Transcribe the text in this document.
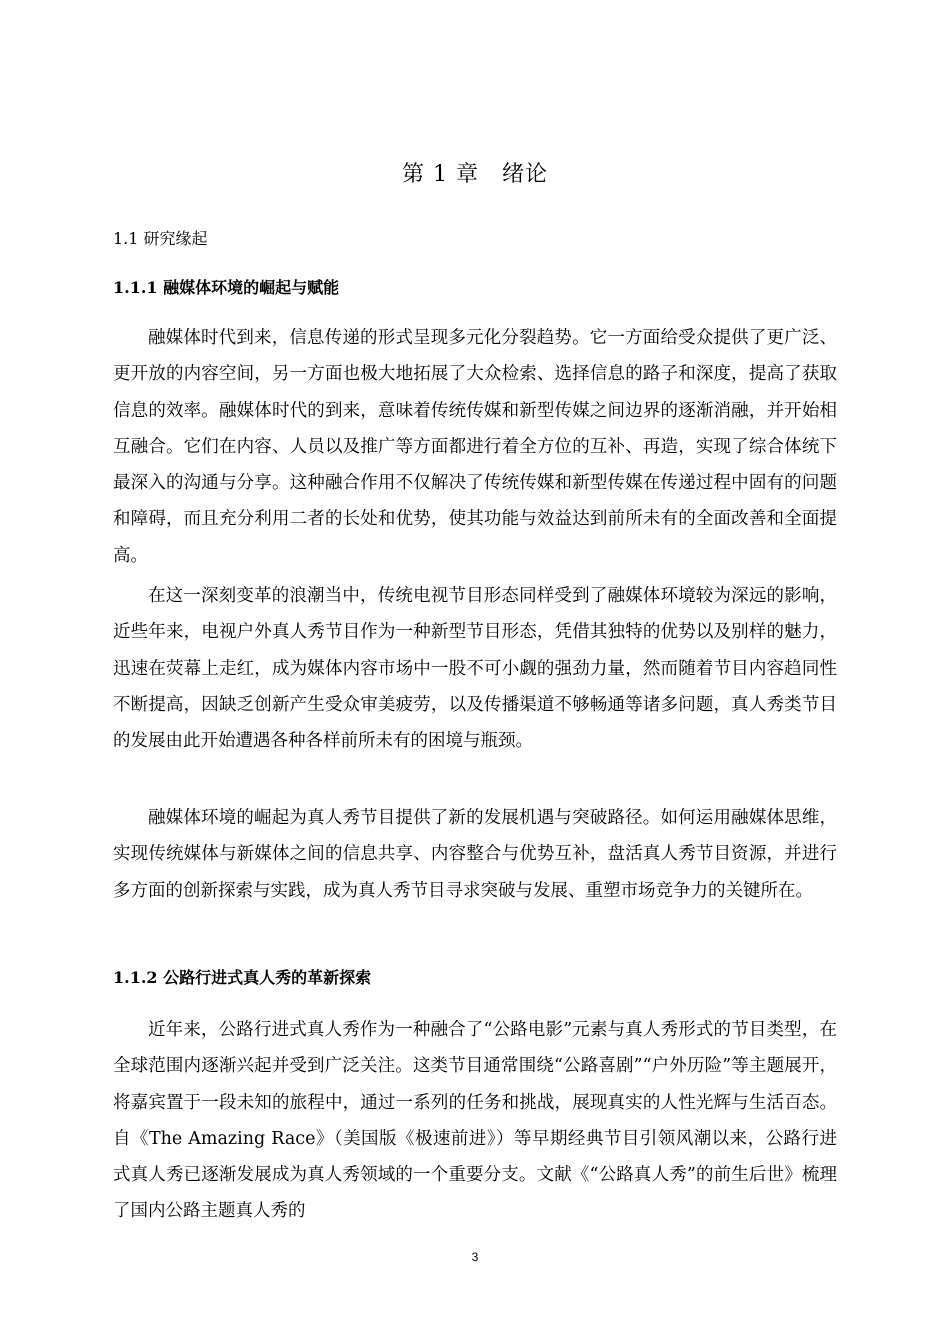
第 1 章　绪论
1.1 研究缘起
1.1.1 融媒体环境的崛起与赋能

融媒体时代到来，信息传递的形式呈现多元化分裂趋势。它一方面给受众提供了更广泛、更开放的内容空间，另一方面也极大地拓展了大众检索、选择信息的路子和深度，提高了获取信息的效率。融媒体时代的到来，意味着传统传媒和新型传媒之间边界的逐渐消融，并开始相互融合。它们在内容、人员以及推广等方面都进行着全方位的互补、再造，实现了综合体统下最深入的沟通与分享。这种融合作用不仅解决了传统传媒和新型传媒在传递过程中固有的问题和障碍，而且充分利用二者的长处和优势，使其功能与效益达到前所未有的全面改善和全面提高。

在这一深刻变革的浪潮当中，传统电视节目形态同样受到了融媒体环境较为深远的影响，近些年来，电视户外真人秀节目作为一种新型节目形态，凭借其独特的优势以及别样的魅力，迅速在荧幕上走红，成为媒体内容市场中一股不可小觑的强劲力量，然而随着节目内容趋同性不断提高，因缺乏创新产生受众审美疲劳，以及传播渠道不够畅通等诸多问题，真人秀类节目的发展由此开始遭遇各种各样前所未有的困境与瓶颈。

融媒体环境的崛起为真人秀节目提供了新的发展机遇与突破路径。如何运用融媒体思维，实现传统媒体与新媒体之间的信息共享、内容整合与优势互补，盘活真人秀节目资源，并进行多方面的创新探索与实践，成为真人秀节目寻求突破与发展、重塑市场竞争力的关键所在。

1.1.2 公路行进式真人秀的革新探索

近年来，公路行进式真人秀作为一种融合了“公路电影”元素与真人秀形式的节目类型，在全球范围内逐渐兴起并受到广泛关注。这类节目通常围绕“公路喜剧”“户外历险”等主题展开，将嘉宾置于一段未知的旅程中，通过一系列的任务和挑战，展现真实的人性光辉与生活百态。自《The Amazing Race》（美国版《极速前进》）等早期经典节目引领风潮以来，公路行进式真人秀已逐渐发展成为真人秀领域的一个重要分支。文献《“公路真人秀”的前生后世》梳理了国内公路主题真人秀的

3
